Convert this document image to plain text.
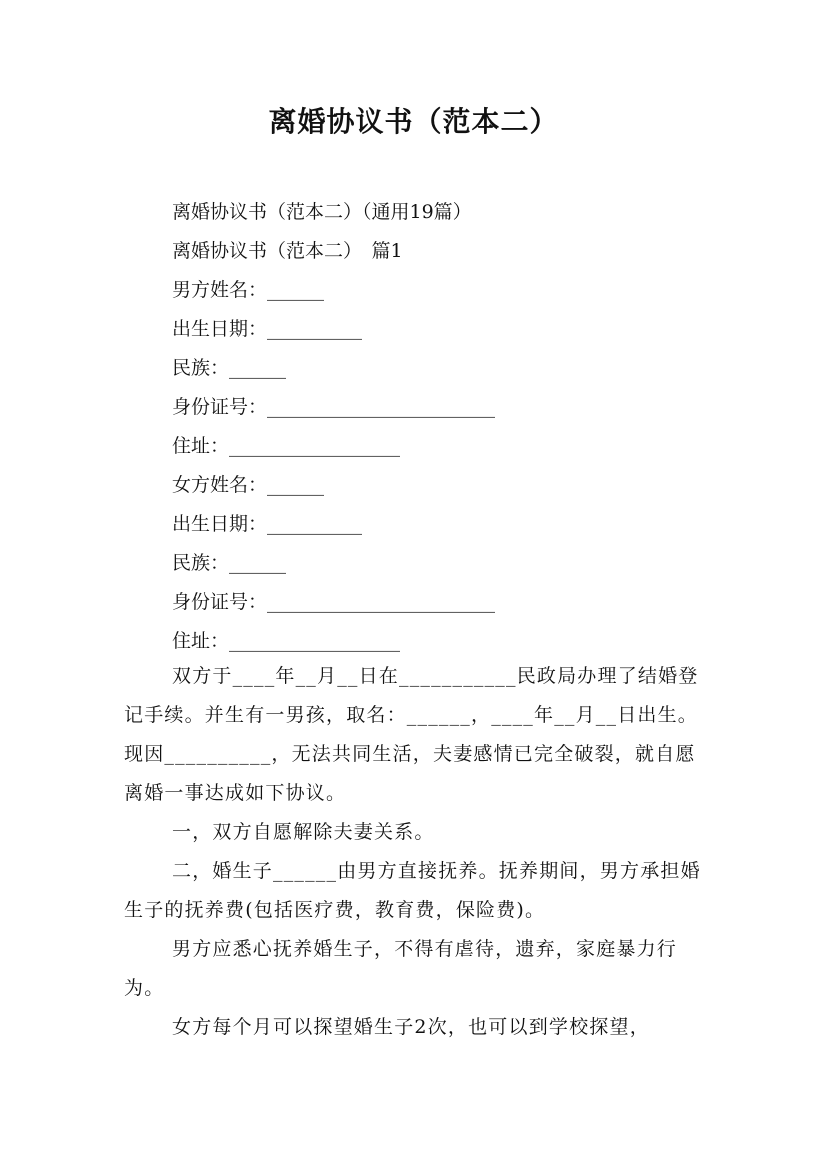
离婚协议书（范本二）
离婚协议书（范本二）（通用19篇）
离婚协议书（范本二）　篇1
男方姓名：______
出生日期：__________
民族：______
身份证号：________________________
住址：__________________
女方姓名：______
出生日期：__________
民族：______
身份证号：________________________
住址：__________________
双方于____年__月__日在___________民政局办理了结婚登记手续。并生有一男孩，取名：______，____年__月__日出生。现因__________，无法共同生活，夫妻感情已完全破裂，就自愿离婚一事达成如下协议。
一，双方自愿解除夫妻关系。
二，婚生子______由男方直接抚养。抚养期间，男方承担婚生子的抚养费(包括医疗费，教育费，保险费)。
男方应悉心抚养婚生子，不得有虐待，遗弃，家庭暴力行为。
女方每个月可以探望婚生子2次，也可以到学校探望，
